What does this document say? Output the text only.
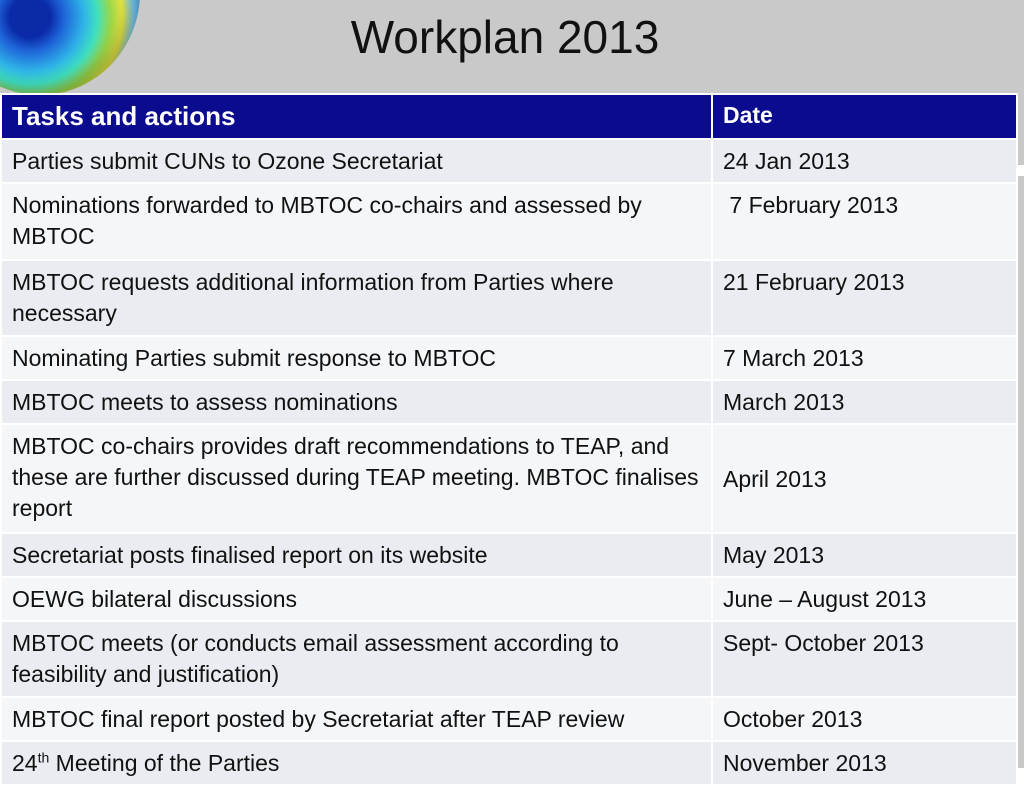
Workplan 2013
Tasks and actions	Date
Parties submit CUNs to Ozone Secretariat	24 Jan 2013
Nominations forwarded to MBTOC co-chairs and assessed by MBTOC	7 February 2013
MBTOC requests additional information from Parties where necessary	21 February 2013
Nominating Parties submit response to MBTOC	7 March 2013
MBTOC meets to assess nominations	March 2013
MBTOC co-chairs provides draft recommendations to TEAP, and these are further discussed during TEAP meeting. MBTOC finalises report	April 2013
Secretariat posts finalised report on its website	May 2013
OEWG bilateral discussions	June – August 2013
MBTOC meets (or conducts email assessment according to feasibility and justification)	Sept- October 2013
MBTOC final report posted by Secretariat after TEAP review	October 2013
24th Meeting of the Parties	November 2013
